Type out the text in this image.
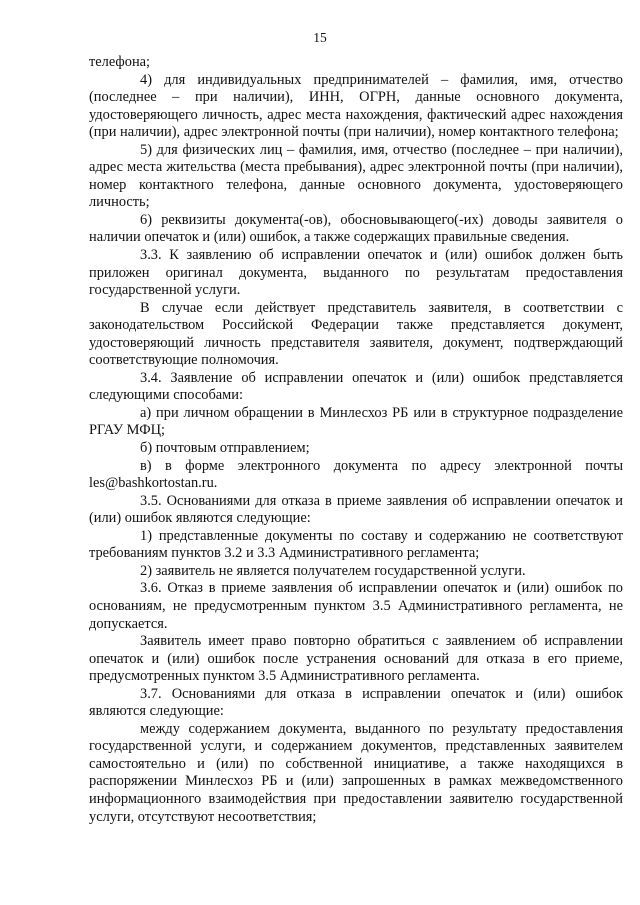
15

телефона;

4) для индивидуальных предпринимателей – фамилия, имя, отчество (последнее – при наличии), ИНН, ОГРН, данные основного документа, удостоверяющего личность, адрес места нахождения, фактический адрес нахождения (при наличии), адрес электронной почты (при наличии), номер контактного телефона;

5) для физических лиц – фамилия, имя, отчество (последнее – при наличии), адрес места жительства (места пребывания), адрес электронной почты (при наличии), номер контактного телефона, данные основного документа, удостоверяющего личность;

6) реквизиты документа(-ов), обосновывающего(-их) доводы заявителя о наличии опечаток и (или) ошибок, а также содержащих правильные сведения.

3.3. К заявлению об исправлении опечаток и (или) ошибок должен быть приложен оригинал документа, выданного по результатам предоставления государственной услуги.

В случае если действует представитель заявителя, в соответствии с законодательством Российской Федерации также представляется документ, удостоверяющий личность представителя заявителя, документ, подтверждающий соответствующие полномочия.

3.4. Заявление об исправлении опечаток и (или) ошибок представляется следующими способами:

а) при личном обращении в Минлесхоз РБ или в структурное подразделение РГАУ МФЦ;

б) почтовым отправлением;

в) в форме электронного документа по адресу электронной почты les@bashkortostan.ru.

3.5. Основаниями для отказа в приеме заявления об исправлении опечаток и (или) ошибок являются следующие:

1) представленные документы по составу и содержанию не соответствуют требованиям пунктов 3.2 и 3.3 Административного регламента;

2) заявитель не является получателем государственной услуги.

3.6. Отказ в приеме заявления об исправлении опечаток и (или) ошибок по основаниям, не предусмотренным пунктом 3.5 Административного регламента, не допускается.

Заявитель имеет право повторно обратиться с заявлением об исправлении опечаток и (или) ошибок после устранения оснований для отказа в его приеме, предусмотренных пунктом 3.5 Административного регламента.

3.7. Основаниями для отказа в исправлении опечаток и (или) ошибок являются следующие:

между содержанием документа, выданного по результату предоставления государственной услуги, и содержанием документов, представленных заявителем самостоятельно и (или) по собственной инициативе, а также находящихся в распоряжении Минлесхоз РБ и (или) запрошенных в рамках межведомственного информационного взаимодействия при предоставлении заявителю государственной услуги, отсутствуют несоответствия;
